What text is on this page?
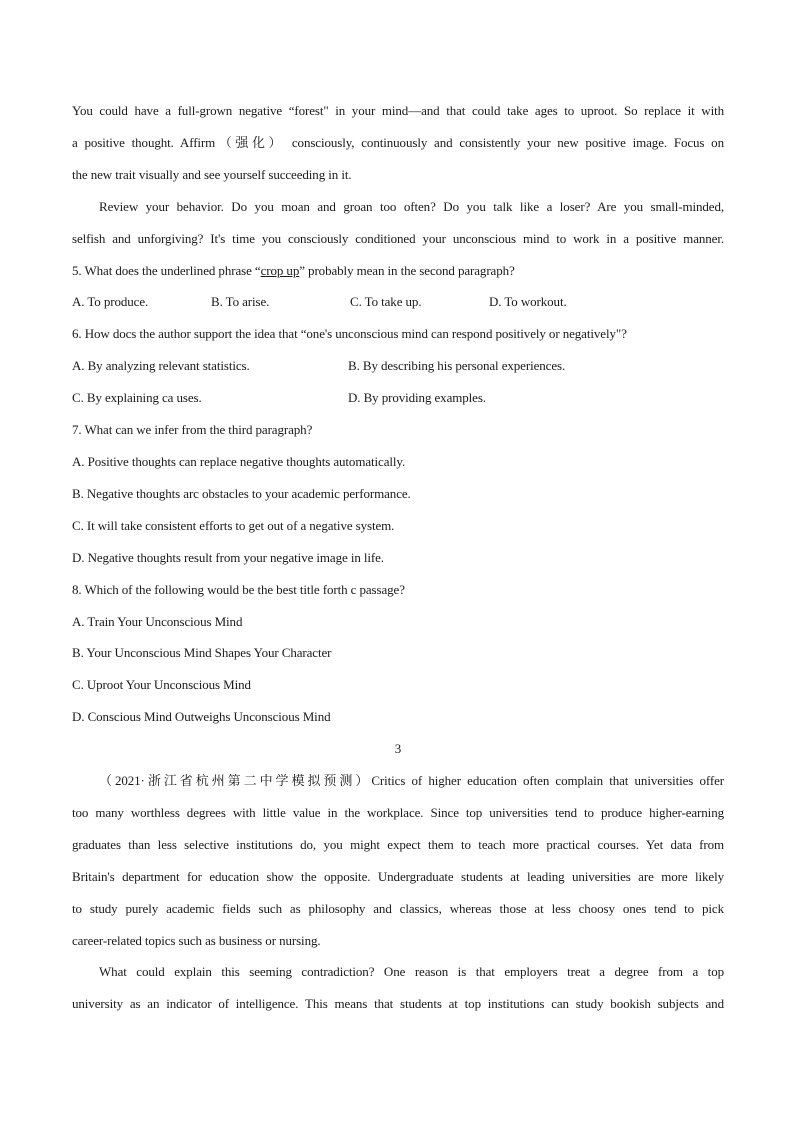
You could have a full-grown negative “forest" in your mind—and that could take ages to uproot. So replace it with
a positive thought. Affirm（强化） consciously, continuously and consistently your new positive image. Focus on
the new trait visually and see yourself succeeding in it.
Review your behavior. Do you moan and groan too often? Do you talk like a loser? Are you small-minded,
selfish and unforgiving? It's time you consciously conditioned your unconscious mind to work in a positive manner.
5. What does the underlined phrase “crop up” probably mean in the second paragraph?
A. To produce.	B. To arise.	C. To take up.	D. To workout.
6. How docs the author support the idea that “one's unconscious mind can respond positively or negatively"?
A. By analyzing relevant statistics.	B. By describing his personal experiences.
C. By explaining ca uses.	D. By providing examples.
7. What can we infer from the third paragraph?
A. Positive thoughts can replace negative thoughts automatically.
B. Negative thoughts arc obstacles to your academic performance.
C. It will take consistent efforts to get out of a negative system.
D. Negative thoughts result from your negative image in life.
8. Which of the following would be the best title forth c passage?
A. Train Your Unconscious Mind
B. Your Unconscious Mind Shapes Your Character
C. Uproot Your Unconscious Mind
D. Conscious Mind Outweighs Unconscious Mind
3
（2021·浙江省杭州第二中学模拟预测）Critics of higher education often complain that universities offer
too many worthless degrees with little value in the workplace. Since top universities tend to produce higher-earning
graduates than less selective institutions do, you might expect them to teach more practical courses. Yet data from
Britain's department for education show the opposite. Undergraduate students at leading universities are more likely
to study purely academic fields such as philosophy and classics, whereas those at less choosy ones tend to pick
career-related topics such as business or nursing.
What could explain this seeming contradiction? One reason is that employers treat a degree from a top
university as an indicator of intelligence. This means that students at top institutions can study bookish subjects and
